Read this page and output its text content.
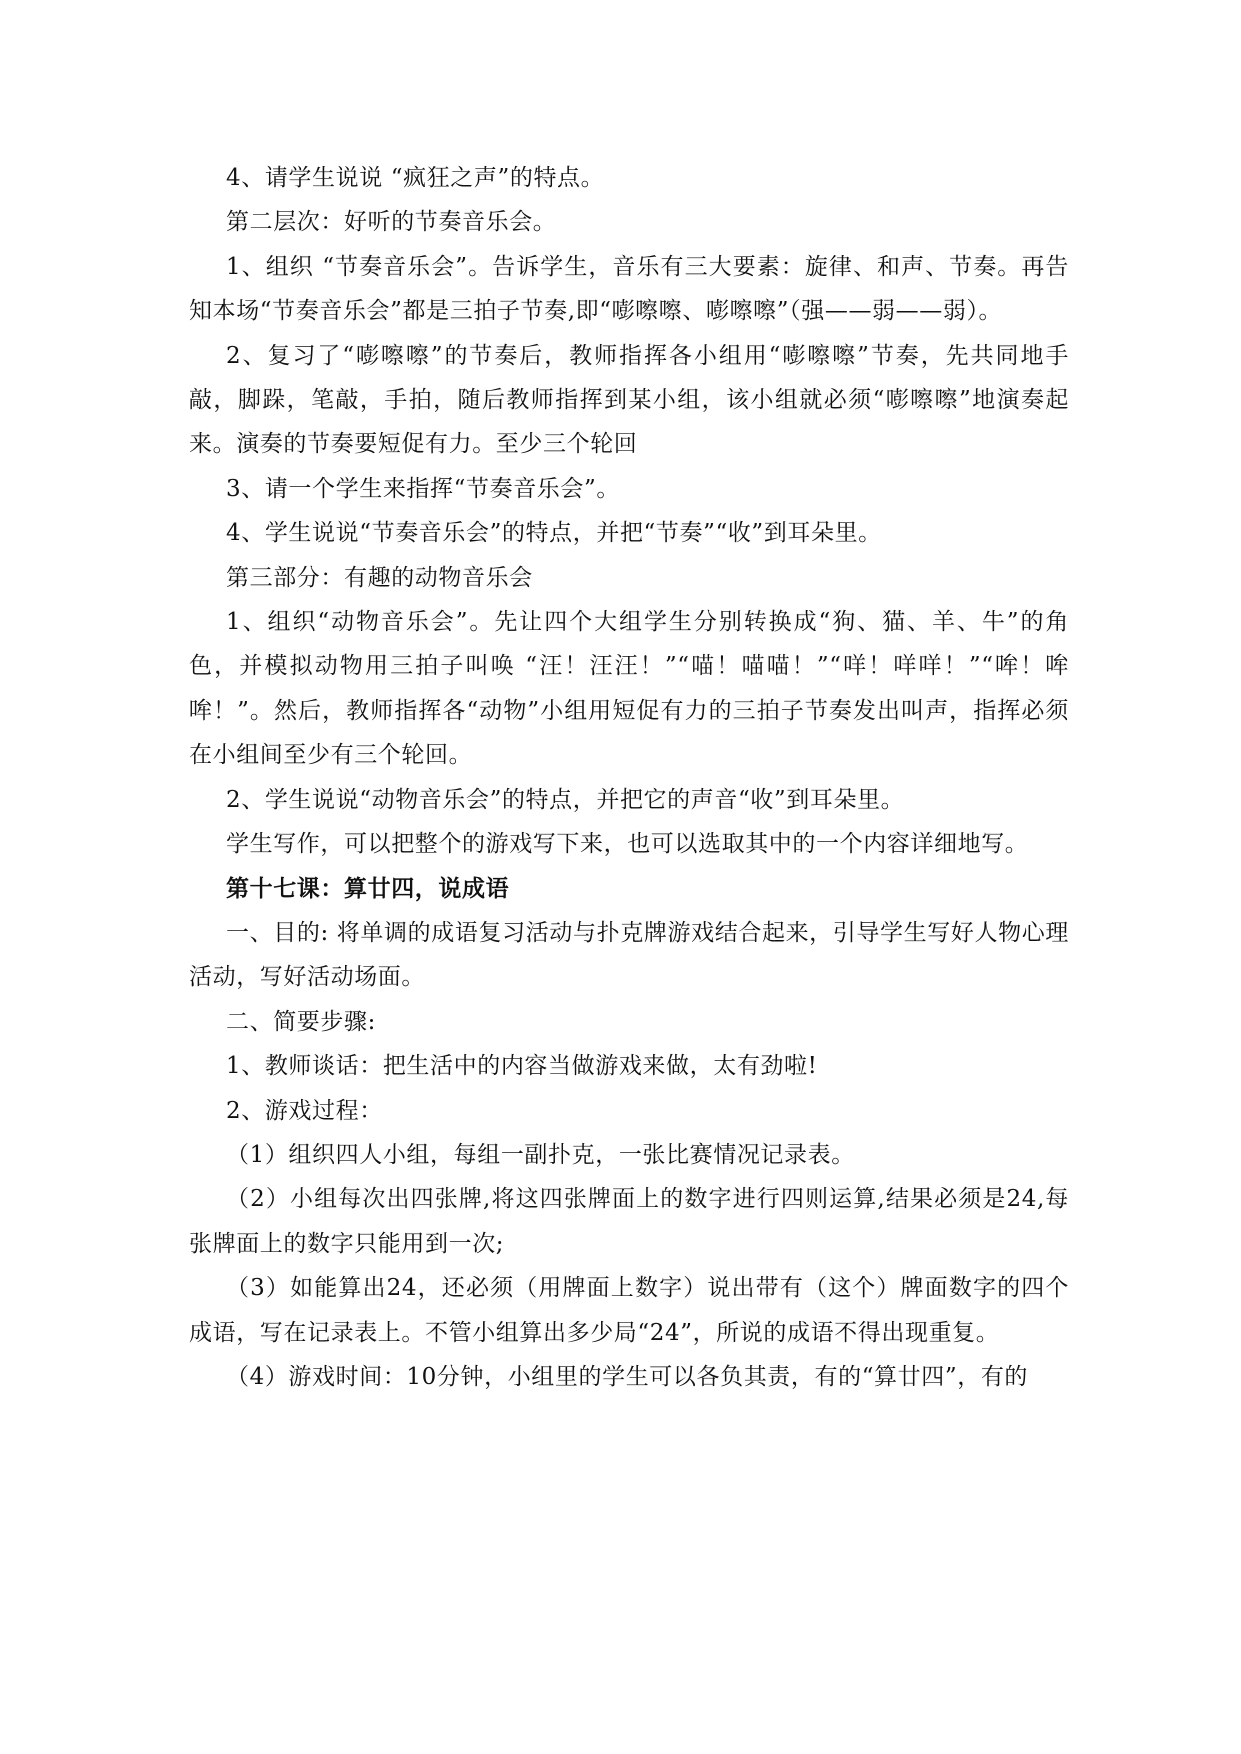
4、请学生说说 “疯狂之声”的特点。

第二层次：好听的节奏音乐会。

1、组织 “节奏音乐会”。告诉学生，音乐有三大要素：旋律、和声、节奏。再告知本场“节奏音乐会”都是三拍子节奏,即“嘭嚓嚓、嘭嚓嚓”（强——弱——弱）。

2、复习了“嘭嚓嚓”的节奏后，教师指挥各小组用“嘭嚓嚓”节奏，先共同地手敲，脚跺，笔敲，手拍，随后教师指挥到某小组，该小组就必须“嘭嚓嚓”地演奏起来。演奏的节奏要短促有力。至少三个轮回

3、请一个学生来指挥“节奏音乐会”。

4、学生说说“节奏音乐会”的特点，并把“节奏”“收”到耳朵里。

第三部分：有趣的动物音乐会

1、组织“动物音乐会”。先让四个大组学生分别转换成“狗、猫、羊、牛”的角色，并模拟动物用三拍子叫唤 “汪！汪汪！”“喵！喵喵！”“咩！咩咩！”“哞！哞哞！”。然后，教师指挥各“动物”小组用短促有力的三拍子节奏发出叫声，指挥必须在小组间至少有三个轮回。

2、学生说说“动物音乐会”的特点，并把它的声音“收”到耳朵里。

学生写作，可以把整个的游戏写下来，也可以选取其中的一个内容详细地写。

第十七课：算廿四，说成语

一、目的: 将单调的成语复习活动与扑克牌游戏结合起来，引导学生写好人物心理活动，写好活动场面。

二、简要步骤:

1、教师谈话：把生活中的内容当做游戏来做，太有劲啦!

2、游戏过程：

（1）组织四人小组，每组一副扑克，一张比赛情况记录表。

（2）小组每次出四张牌,将这四张牌面上的数字进行四则运算,结果必须是24,每张牌面上的数字只能用到一次;

（3）如能算出24，还必须（用牌面上数字）说出带有（这个）牌面数字的四个成语，写在记录表上。不管小组算出多少局“24”，所说的成语不得出现重复。

（4）游戏时间：10分钟，小组里的学生可以各负其责，有的“算廿四”，有的
